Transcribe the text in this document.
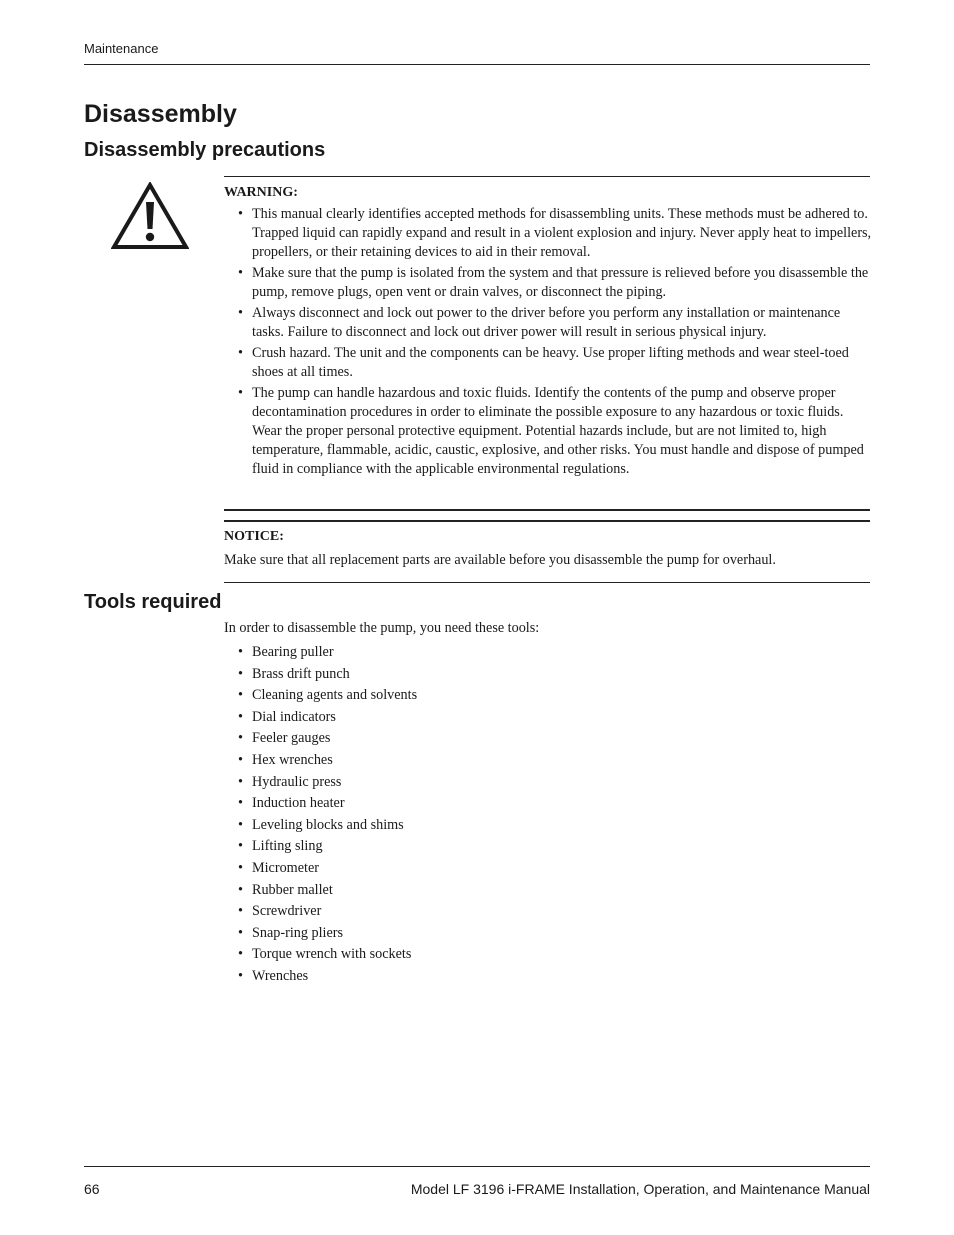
Maintenance
Disassembly
Disassembly precautions
WARNING:
• This manual clearly identifies accepted methods for disassembling units. These methods must be adhered to. Trapped liquid can rapidly expand and result in a violent explosion and injury. Never apply heat to impellers, propellers, or their retaining devices to aid in their removal.
• Make sure that the pump is isolated from the system and that pressure is relieved before you disassemble the pump, remove plugs, open vent or drain valves, or disconnect the piping.
• Always disconnect and lock out power to the driver before you perform any installation or maintenance tasks. Failure to disconnect and lock out driver power will result in serious physical injury.
• Crush hazard. The unit and the components can be heavy. Use proper lifting methods and wear steel-toed shoes at all times.
• The pump can handle hazardous and toxic fluids. Identify the contents of the pump and observe proper decontamination procedures in order to eliminate the possible exposure to any hazardous or toxic fluids. Wear the proper personal protective equipment. Potential hazards include, but are not limited to, high temperature, flammable, acidic, caustic, explosive, and other risks. You must handle and dispose of pumped fluid in compliance with the applicable environmental regulations.
NOTICE:

Make sure that all replacement parts are available before you disassemble the pump for overhaul.

Tools required

In order to disassemble the pump, you need these tools:

• Bearing puller
• Brass drift punch
• Cleaning agents and solvents
• Dial indicators
• Feeler gauges
• Hex wrenches
• Hydraulic press
• Induction heater
• Leveling blocks and shims
• Lifting sling
• Micrometer
• Rubber mallet
• Screwdriver
• Snap-ring pliers
• Torque wrench with sockets
• Wrenches
66	Model LF 3196 i-FRAME Installation, Operation, and Maintenance Manual
